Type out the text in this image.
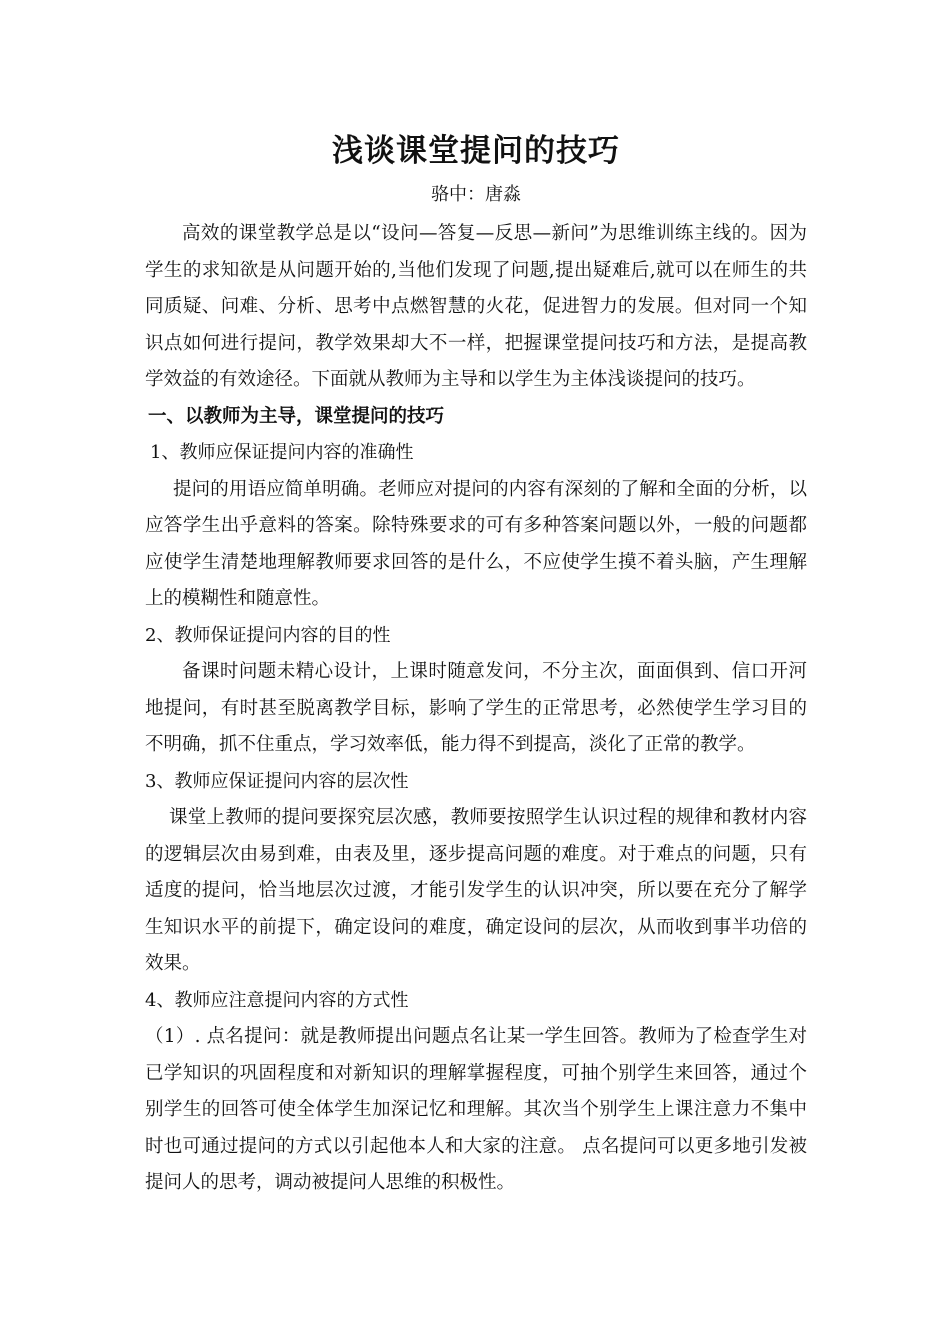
浅谈课堂提问的技巧

骆中：唐淼

高效的课堂教学总是以“设问—答复—反思—新问”为思维训练主线的。因为学生的求知欲是从问题开始的,当他们发现了问题,提出疑难后,就可以在师生的共同质疑、问难、分析、思考中点燃智慧的火花，促进智力的发展。但对同一个知识点如何进行提问，教学效果却大不一样，把握课堂提问技巧和方法，是提高教学效益的有效途径。下面就从教师为主导和以学生为主体浅谈提问的技巧。

一、以教师为主导，课堂提问的技巧

1、教师应保证提问内容的准确性

提问的用语应简单明确。老师应对提问的内容有深刻的了解和全面的分析，以应答学生出乎意料的答案。除特殊要求的可有多种答案问题以外，一般的问题都应使学生清楚地理解教师要求回答的是什么，不应使学生摸不着头脑，产生理解上的模糊性和随意性。

2、教师保证提问内容的目的性

备课时问题未精心设计，上课时随意发问，不分主次，面面俱到、信口开河地提问，有时甚至脱离教学目标，影响了学生的正常思考，必然使学生学习目的不明确，抓不住重点，学习效率低，能力得不到提高，淡化了正常的教学。

3、教师应保证提问内容的层次性

课堂上教师的提问要探究层次感，教师要按照学生认识过程的规律和教材内容的逻辑层次由易到难，由表及里，逐步提高问题的难度。对于难点的问题，只有适度的提问，恰当地层次过渡，才能引发学生的认识冲突，所以要在充分了解学生知识水平的前提下，确定设问的难度，确定设问的层次，从而收到事半功倍的效果。

4、教师应注意提问内容的方式性

（1）. 点名提问：就是教师提出问题点名让某一学生回答。教师为了检查学生对已学知识的巩固程度和对新知识的理解掌握程度，可抽个别学生来回答，通过个别学生的回答可使全体学生加深记忆和理解。其次当个别学生上课注意力不集中时也可通过提问的方式以引起他本人和大家的注意。 点名提问可以更多地引发被提问人的思考，调动被提问人思维的积极性。
